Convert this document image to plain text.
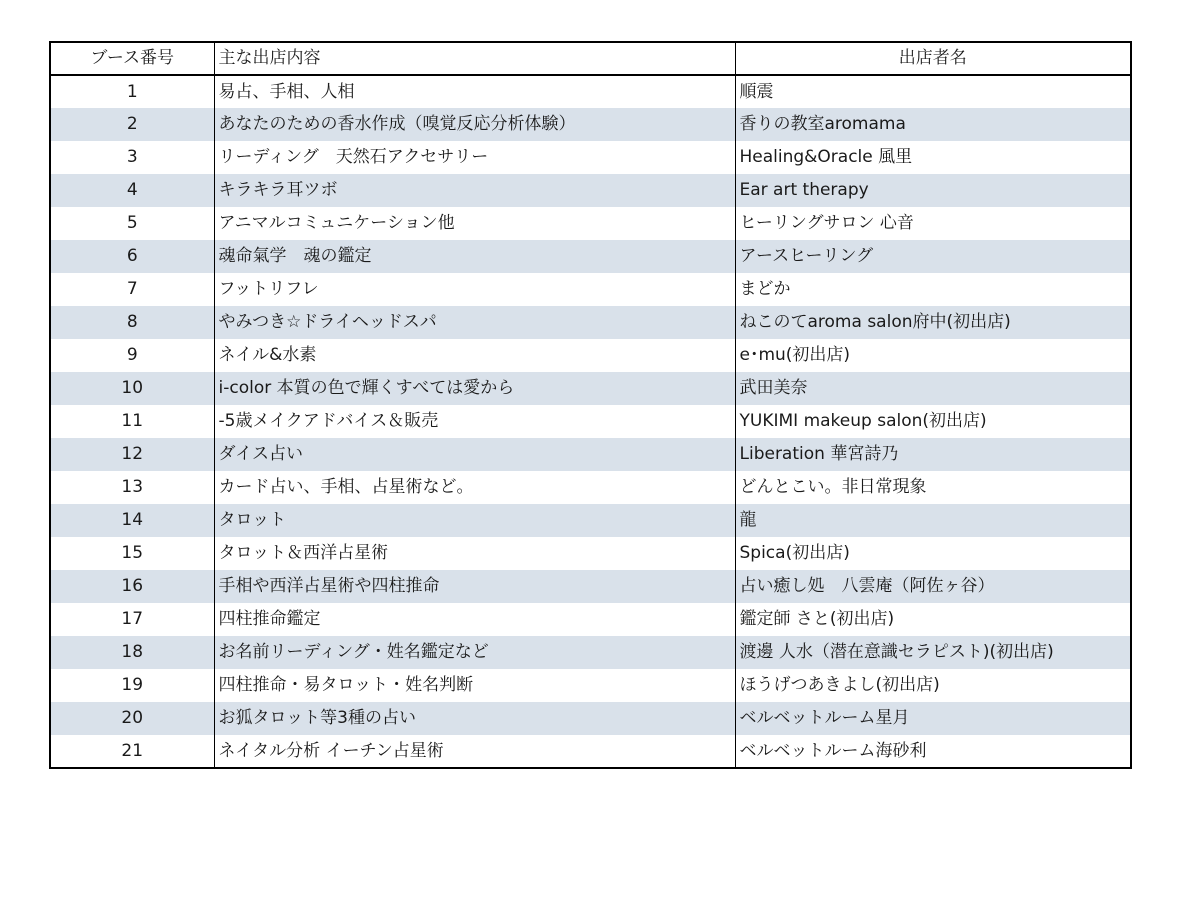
ブース番号	主な出店内容	出店者名
1	易占、手相、人相	順震
2	あなたのための香水作成（嗅覚反応分析体験）	香りの教室aromama
3	リーディング　天然石アクセサリー	Healing&Oracle 風里
4	キラキラ耳ツボ	Ear art therapy
5	アニマルコミュニケーション他	ヒーリングサロン 心音
6	魂命氣学　魂の鑑定	アースヒーリング
7	フットリフレ	まどか
8	やみつき☆ドライヘッドスパ	ねこのてaroma salon府中(初出店)
9	ネイル&水素	e･mu(初出店)
10	i-color 本質の色で輝くすべては愛から	武田美奈
11	-5歳メイクアドバイス＆販売	YUKIMI makeup salon(初出店)
12	ダイス占い	Liberation 華宮詩乃
13	カード占い、手相、占星術など。	どんとこい。非日常現象
14	タロット	龍
15	タロット＆西洋占星術	Spica(初出店)
16	手相や西洋占星術や四柱推命	占い癒し処　八雲庵（阿佐ヶ谷）
17	四柱推命鑑定	鑑定師 さと(初出店)
18	お名前リーディング・姓名鑑定など	渡邊 人水（潜在意識セラピスト)(初出店)
19	四柱推命・易タロット・姓名判断	ほうげつあきよし(初出店)
20	お狐タロット等3種の占い	ベルベットルーム星月
21	ネイタル分析 イーチン占星術	ベルベットルーム海砂利
